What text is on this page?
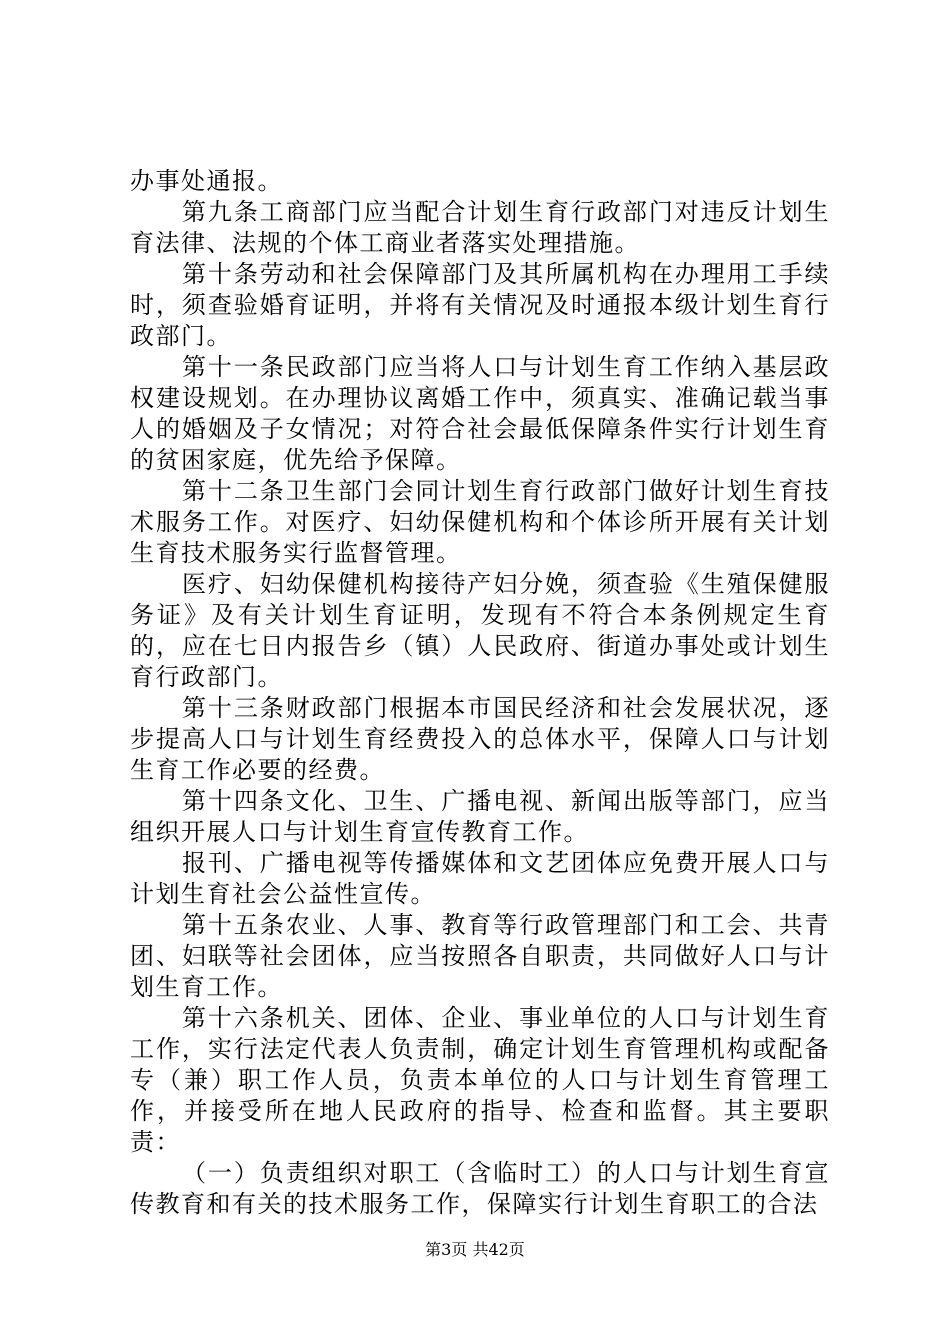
办事处通报。

第九条工商部门应当配合计划生育行政部门对违反计划生育法律、法规的个体工商业者落实处理措施。

第十条劳动和社会保障部门及其所属机构在办理用工手续时，须查验婚育证明，并将有关情况及时通报本级计划生育行政部门。

第十一条民政部门应当将人口与计划生育工作纳入基层政权建设规划。在办理协议离婚工作中，须真实、准确记载当事人的婚姻及子女情况；对符合社会最低保障条件实行计划生育的贫困家庭，优先给予保障。

第十二条卫生部门会同计划生育行政部门做好计划生育技术服务工作。对医疗、妇幼保健机构和个体诊所开展有关计划生育技术服务实行监督管理。

医疗、妇幼保健机构接待产妇分娩，须查验《生殖保健服务证》及有关计划生育证明，发现有不符合本条例规定生育的，应在七日内报告乡（镇）人民政府、街道办事处或计划生育行政部门。

第十三条财政部门根据本市国民经济和社会发展状况，逐步提高人口与计划生育经费投入的总体水平，保障人口与计划生育工作必要的经费。

第十四条文化、卫生、广播电视、新闻出版等部门，应当组织开展人口与计划生育宣传教育工作。

报刊、广播电视等传播媒体和文艺团体应免费开展人口与计划生育社会公益性宣传。

第十五条农业、人事、教育等行政管理部门和工会、共青团、妇联等社会团体，应当按照各自职责，共同做好人口与计划生育工作。

第十六条机关、团体、企业、事业单位的人口与计划生育工作，实行法定代表人负责制，确定计划生育管理机构或配备专（兼）职工作人员，负责本单位的人口与计划生育管理工作，并接受所在地人民政府的指导、检查和监督。其主要职责：

（一）负责组织对职工（含临时工）的人口与计划生育宣传教育和有关的技术服务工作，保障实行计划生育职工的合法

第3页 共42页
